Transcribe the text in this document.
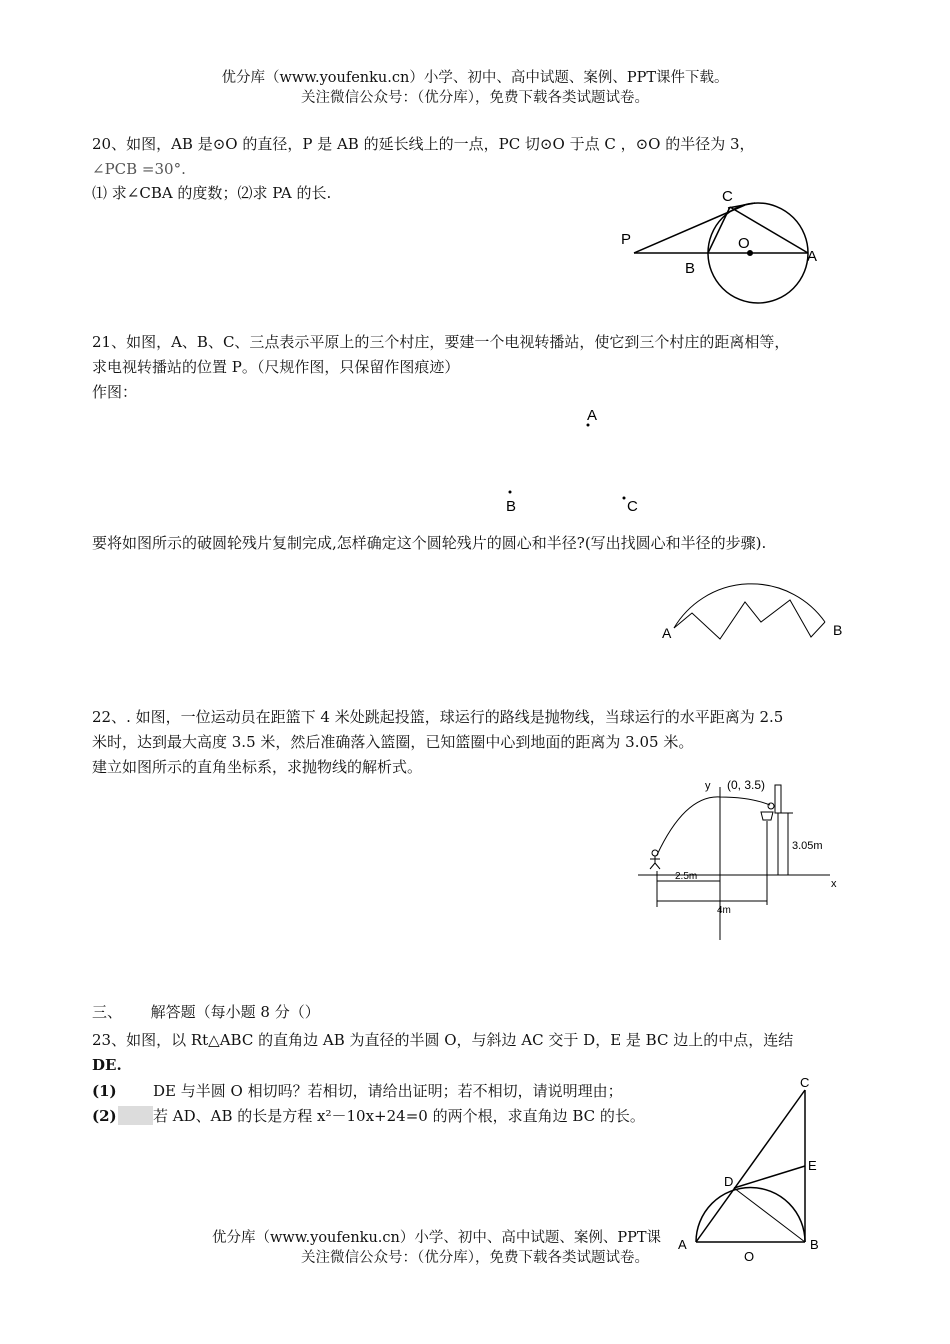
优分库（www.youfenku.cn）小学、初中、高中试题、案例、PPT课件下载。
关注微信公众号：（优分库），免费下载各类试题试卷。
20、如图，AB 是⊙O 的直径，P 是 AB 的延长线上的一点，PC 切⊙O 于点 C ，⊙O 的半径为 3，
∠PCB =30°.
⑴ 求∠CBA 的度数；⑵求 PA 的长.	C
P	O
A
B
21、如图，A、B、C、三点表示平原上的三个村庄，要建一个电视转播站，使它到三个村庄的距离相等，
求电视转播站的位置 P。（尺规作图，只保留作图痕迹）
作图：
A
B	C
要将如图所示的破圆轮残片复制完成,怎样确定这个圆轮残片的圆心和半径?(写出找圆心和半径的步骤).
A	B
22、. 如图，一位运动员在距篮下 4 米处跳起投篮，球运行的路线是抛物线，当球运行的水平距离为 2.5
米时，达到最大高度 3.5 米，然后准确落入篮圈，已知篮圈中心到地面的距离为 3.05 米。
建立如图所示的直角坐标系，求抛物线的解析式。
x
y (0, 3.5)
3.05m
2.5m
4m
三、      解答题（每小题 8 分（）
23、如图，以 Rt△ABC 的直角边 AB 为直径的半圆 O，与斜边 AC 交于 D，E 是 BC 边上的中点，连结
DE.
(1) DE 与半圆 O 相切吗？若相切，请给出证明；若不相切，请说明理由；
(2) 若 AD、AB 的长是方程 x²－10x+24=0 的两个根，求直角边 BC 的长。
C
E
D
A
O
B
优分库（www.youfenku.cn）小学、初中、高中试题、案例、PPT课
关注微信公众号：（优分库），免费下载各类试题试卷。
